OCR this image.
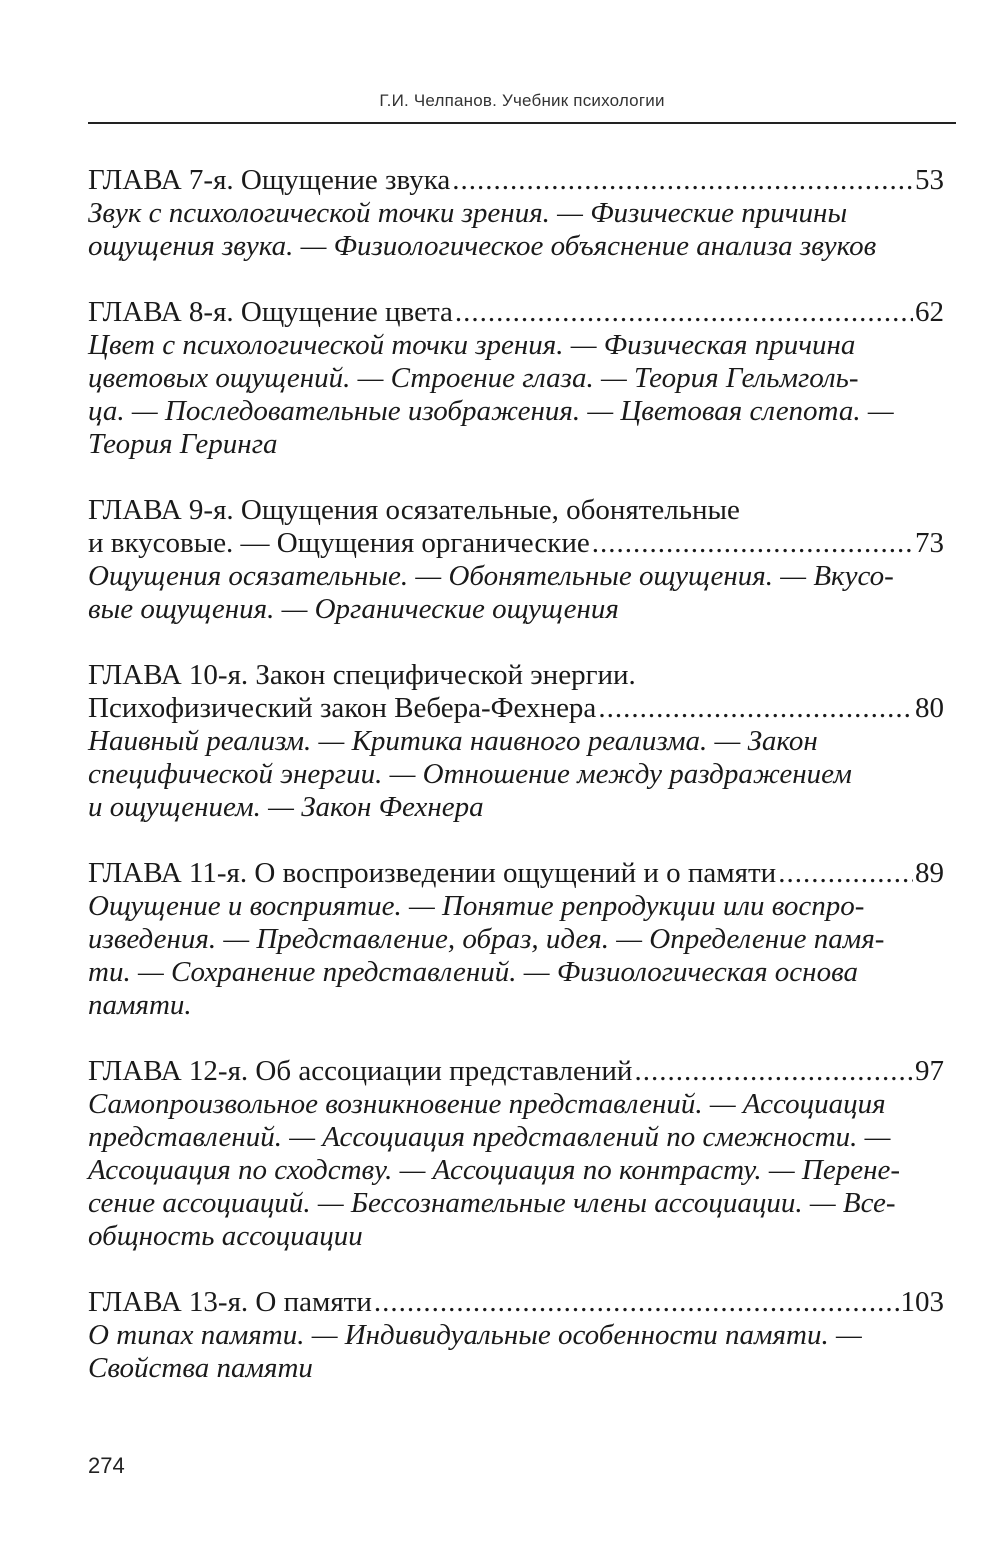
Г.И. Челпанов. Учебник психологии
ГЛАВА 7-я. Ощущение звука .....	53
Звук с психологической точки зрения. — Физические причины
ощущения звука. — Физиологическое объяснение анализа звуков
ГЛАВА 8-я. Ощущение цвета .....	62
Цвет с психологической точки зрения. — Физическая причина
цветовых ощущений. — Строение глаза. — Теория Гельмголь-
ца. — Последовательные изображения. — Цветовая слепота. —
Теория Геринга
ГЛАВА 9-я. Ощущения осязательные, обонятельные
и вкусовые. — Ощущения органические .....	73
Ощущения осязательные. — Обонятельные ощущения. — Вкусо-
вые ощущения. — Органические ощущения
ГЛАВА 10-я. Закон специфической энергии.
Психофизический закон Вебера-Фехнера .....	80
Наивный реализм. — Критика наивного реализма. — Закон
специфической энергии. — Отношение между раздражением
и ощущением. — Закон Фехнера
ГЛАВА 11-я. О воспроизведении ощущений и о памяти .....	89
Ощущение и восприятие. — Понятие репродукции или воспро-
изведения. — Представление, образ, идея. — Определение памя-
ти. — Сохранение представлений. — Физиологическая основа
памяти.
ГЛАВА 12-я. Об ассоциации представлений .....	97
Самопроизвольное возникновение представлений. — Ассоциация
представлений. — Ассоциация представлений по смежности. —
Ассоциация по сходству. — Ассоциация по контрасту. — Перене-
сение ассоциаций. — Бессознательные члены ассоциации. — Все-
общность ассоциации
ГЛАВА 13-я. О памяти .....	103
О типах памяти. — Индивидуальные особенности памяти. —
Свойства памяти
274
